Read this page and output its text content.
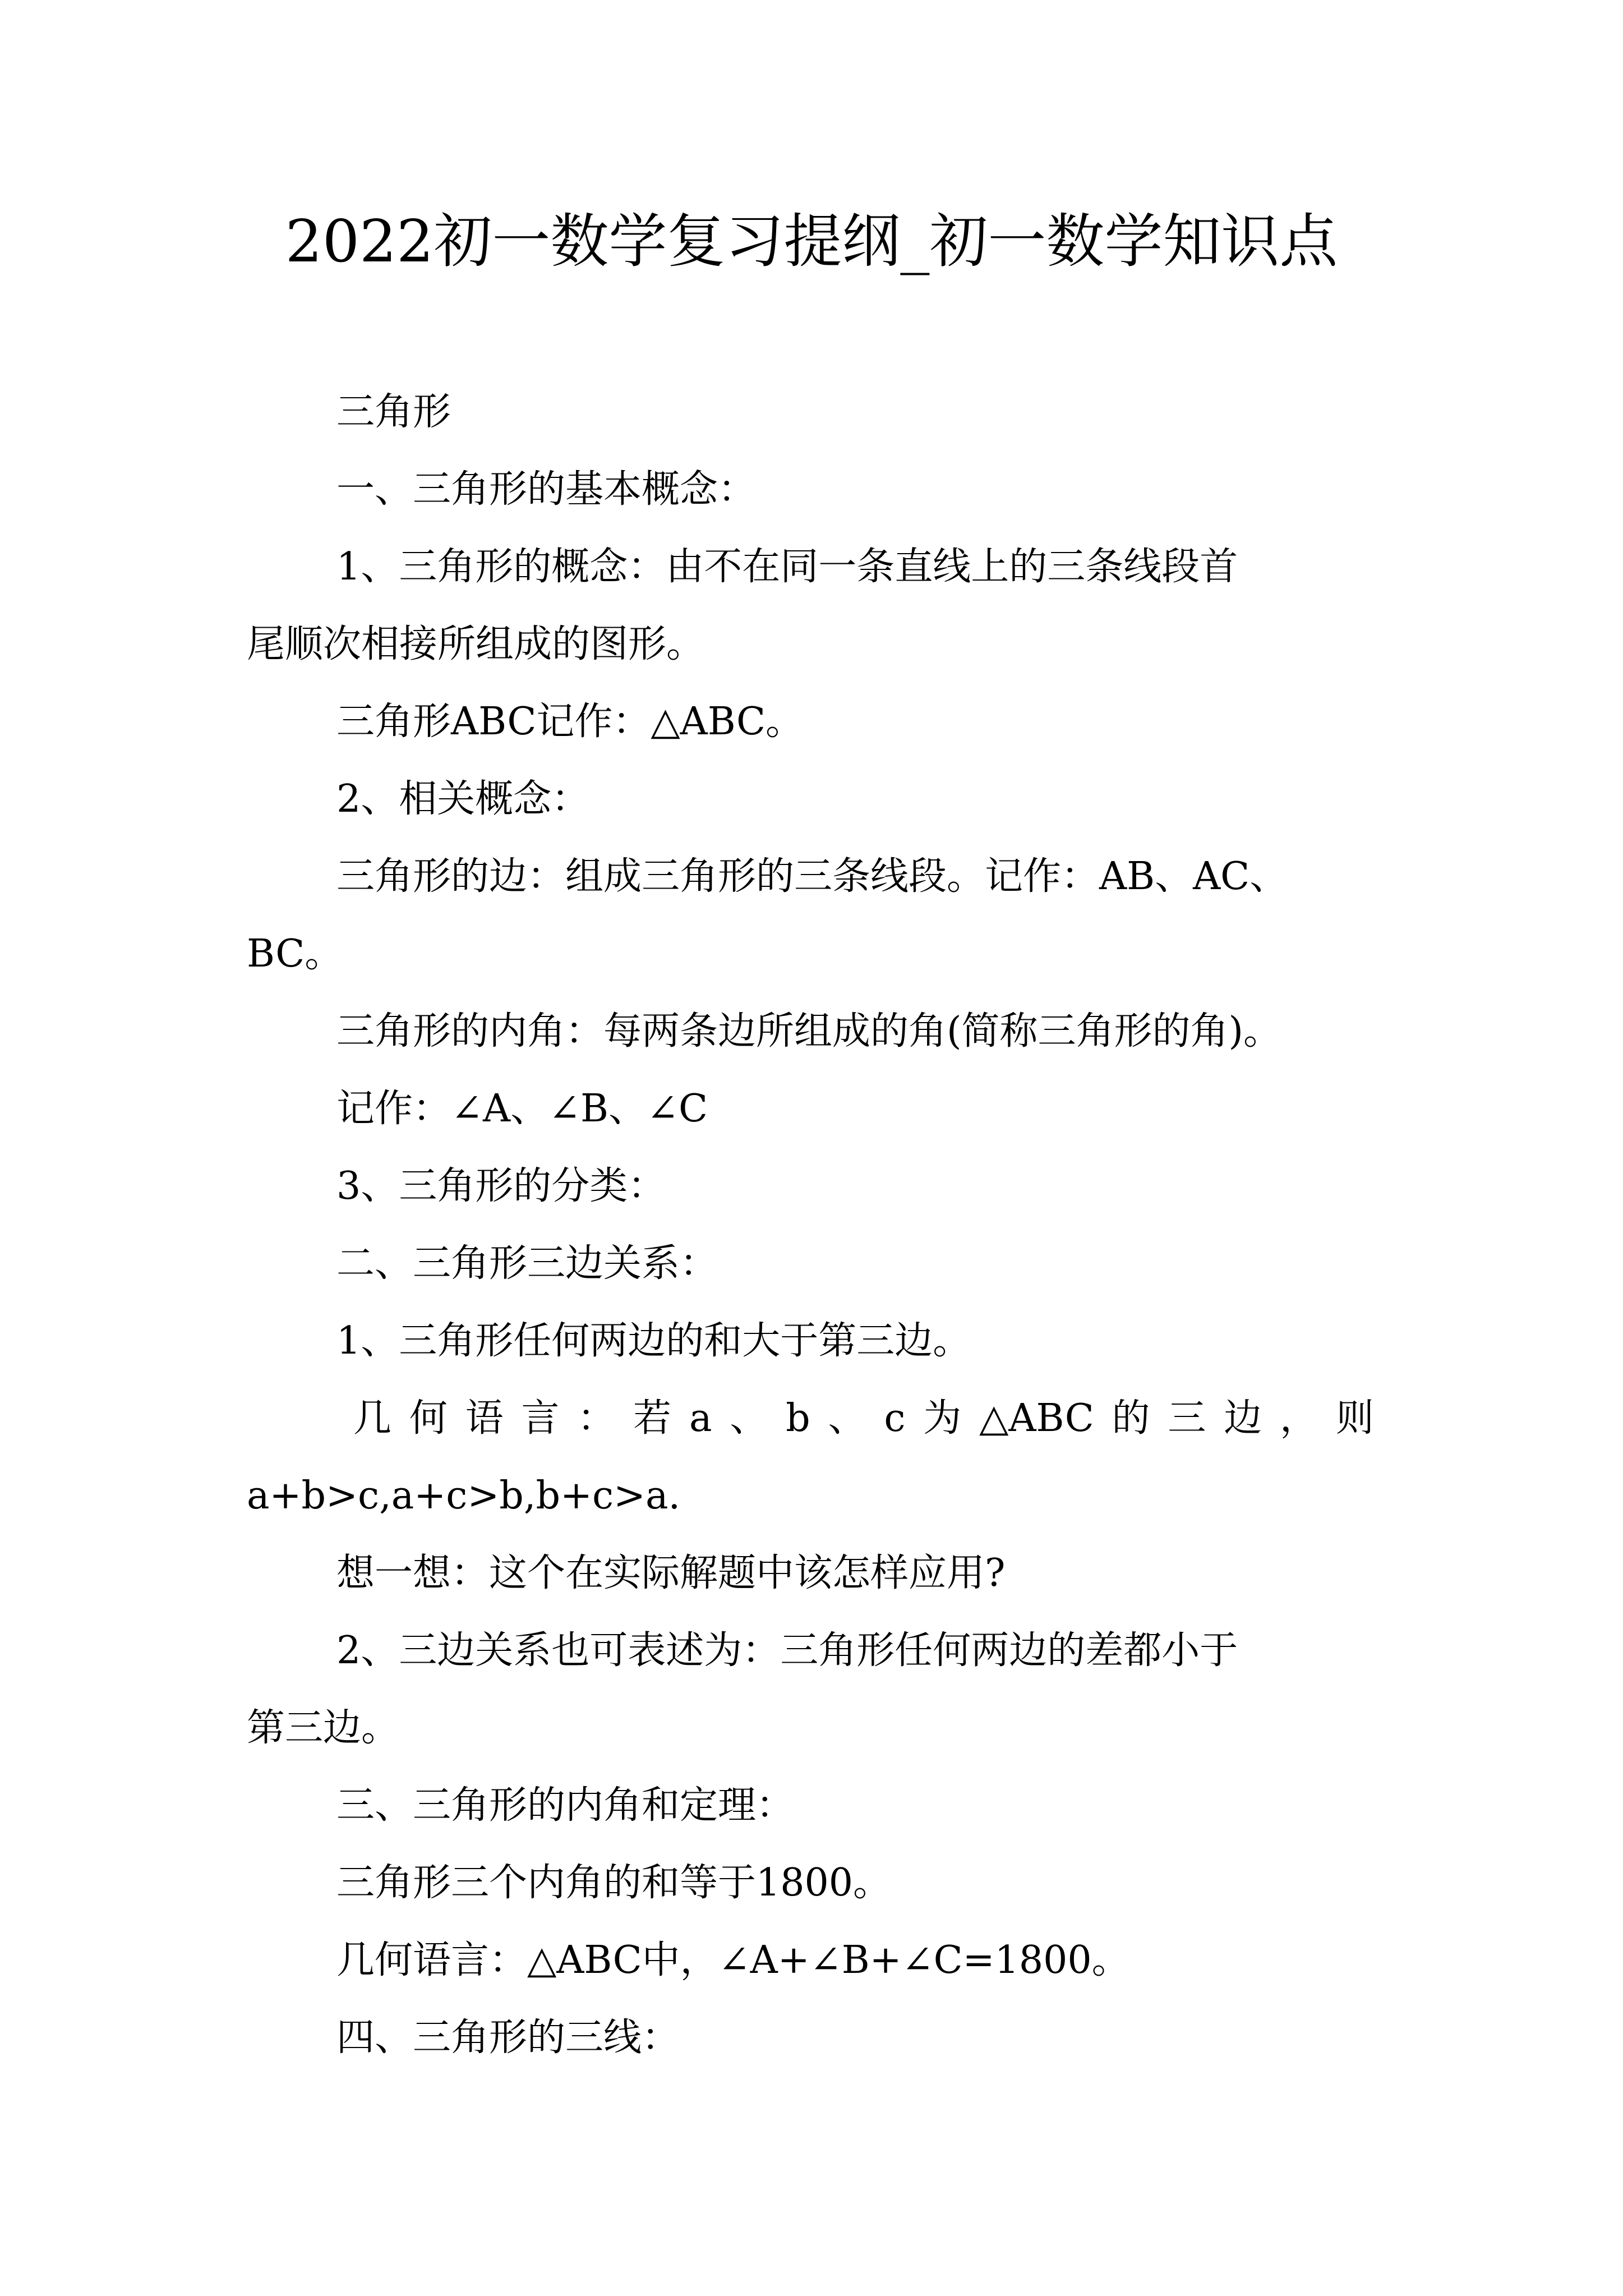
2022初一数学复习提纲_初一数学知识点
三角形
一、三角形的基本概念：
1、三角形的概念：由不在同一条直线上的三条线段首
尾顺次相接所组成的图形。
三角形ABC记作：△ABC。
2、相关概念：
三角形的边：组成三角形的三条线段。记作：AB、AC、
BC。
三角形的内角：每两条边所组成的角(简称三角形的角)。
记作：∠A、∠B、∠C
3、三角形的分类：
二、三角形三边关系：
1、三角形任何两边的和大于第三边。
几 何 语 言 ： 若 a 、 b 、 c 为 △ABC 的 三 边 ， 则
a+b>c,a+c>b,b+c>a.
想一想：这个在实际解题中该怎样应用?
2、三边关系也可表述为：三角形任何两边的差都小于
第三边。
三、三角形的内角和定理：
三角形三个内角的和等于1800。
几何语言：△ABC中，∠A+∠B+∠C=1800。
四、三角形的三线：
